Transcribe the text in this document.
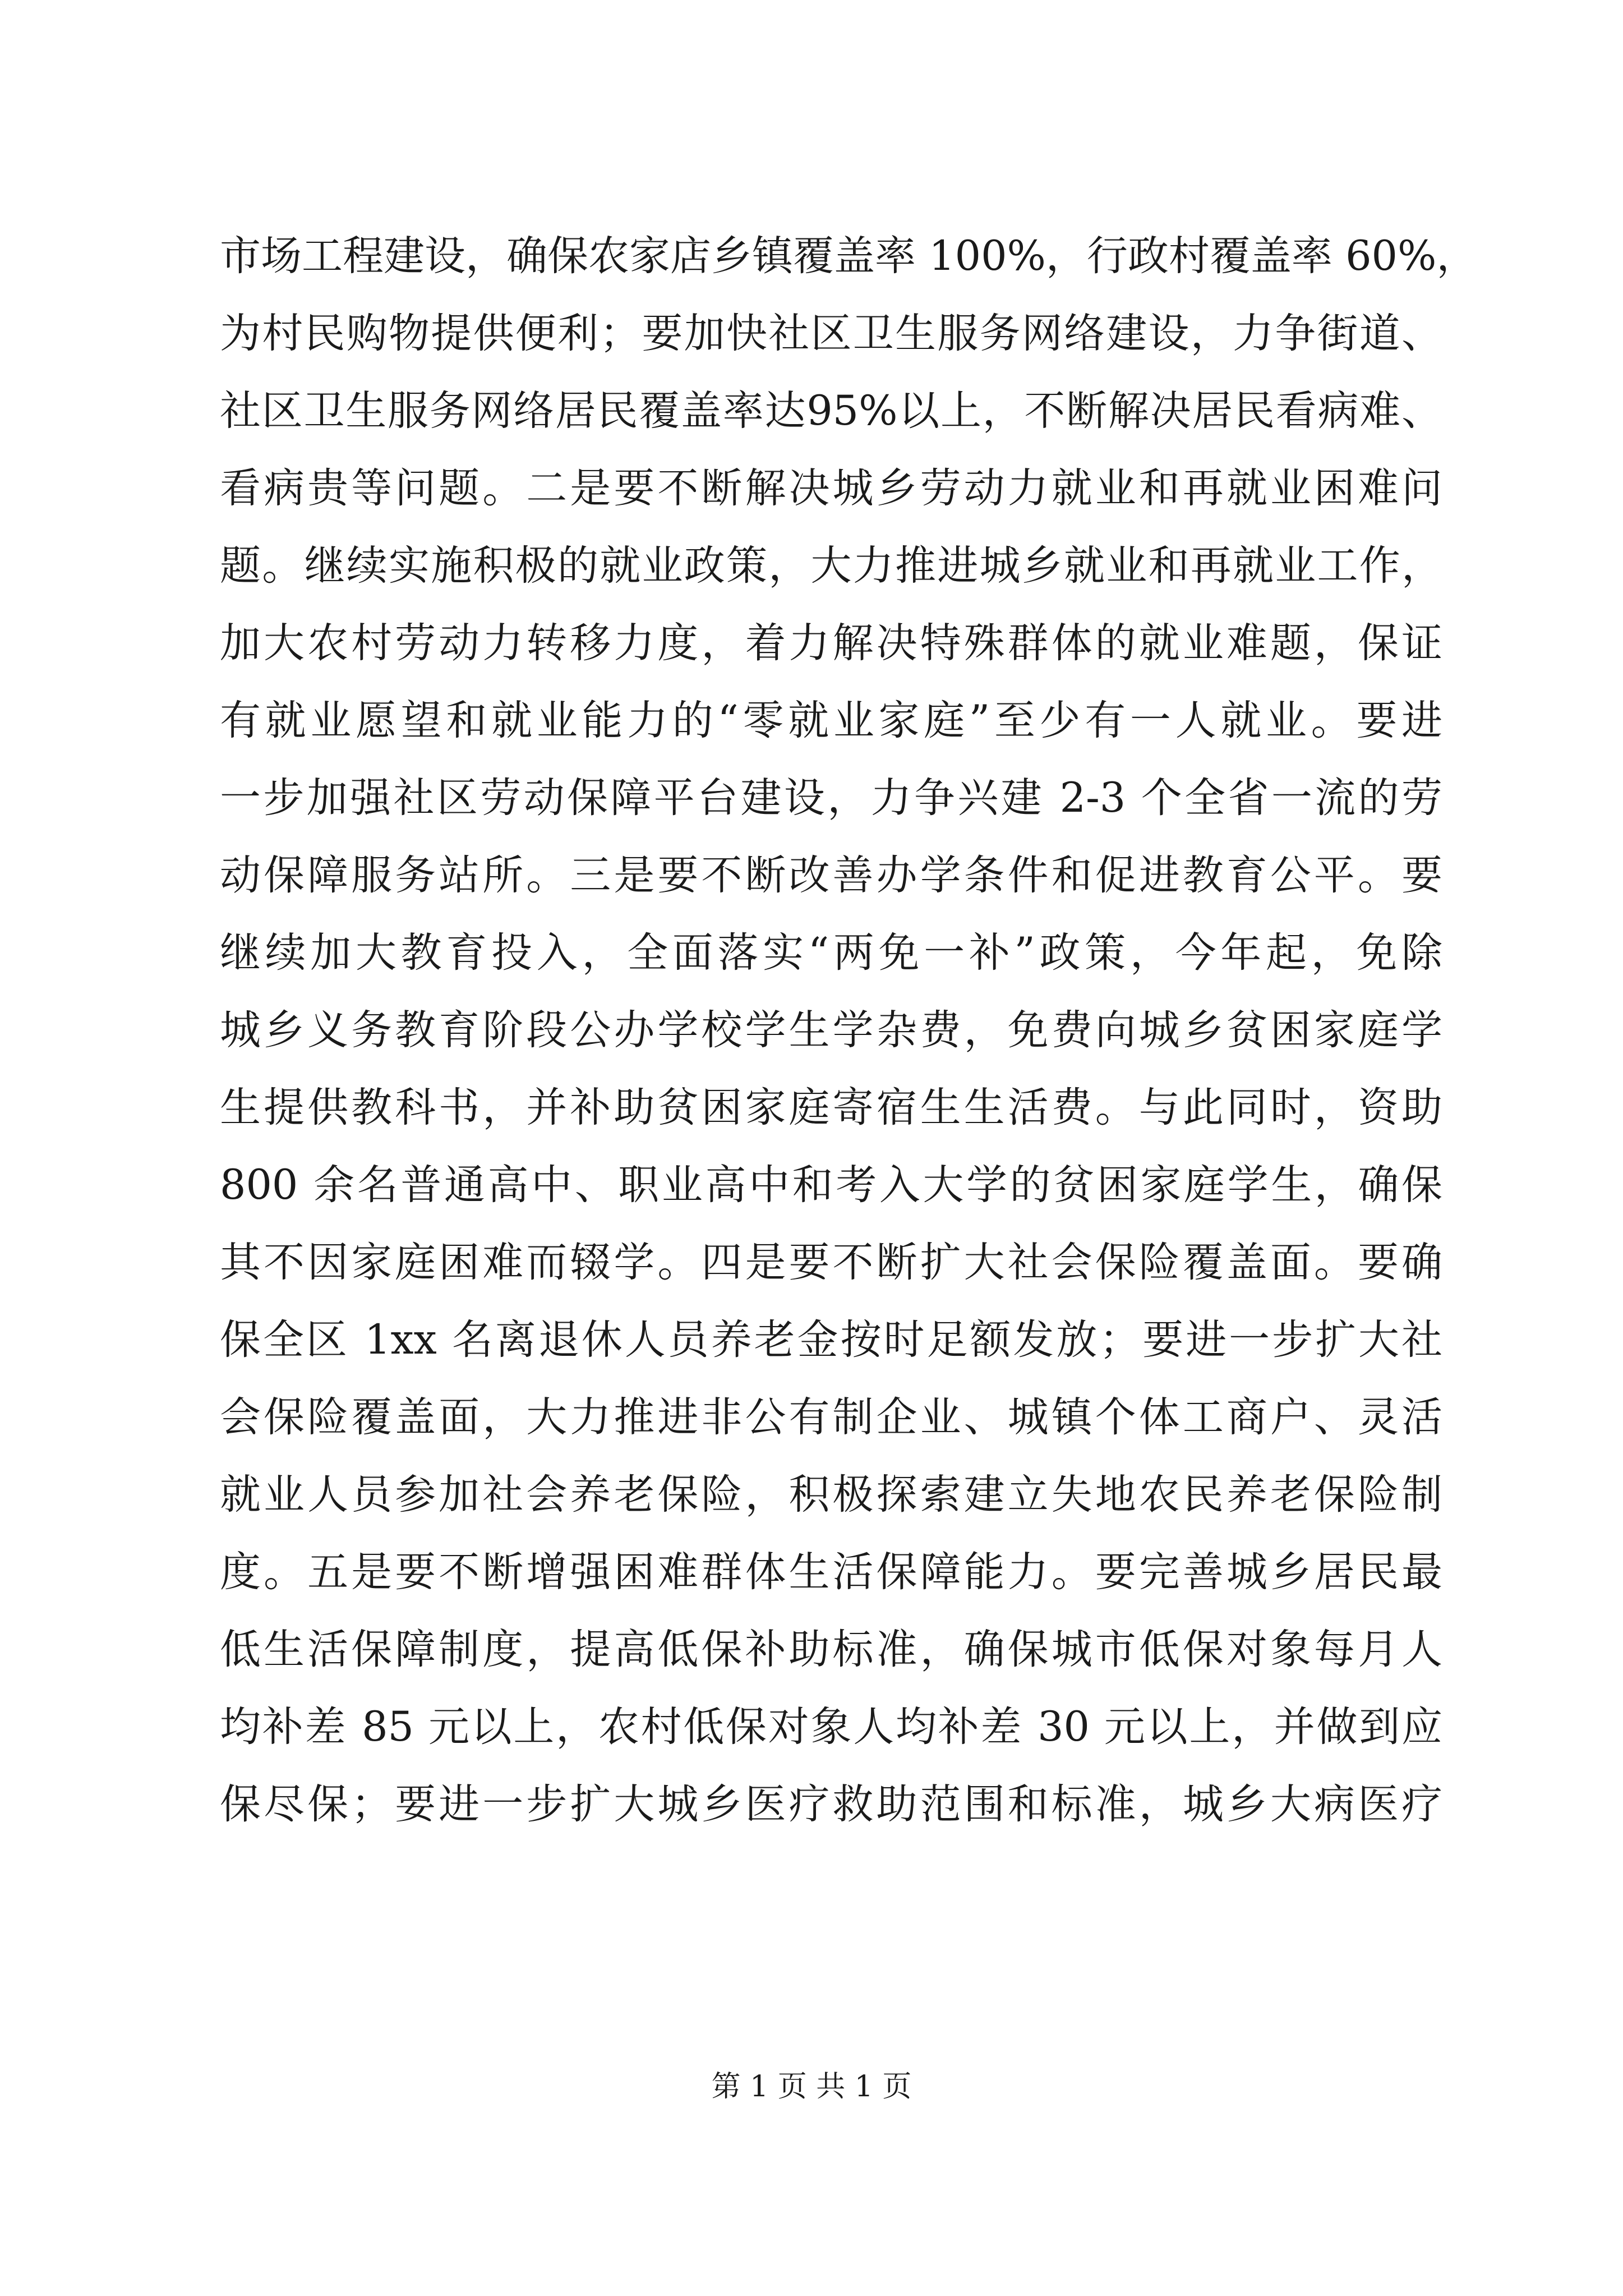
市场工程建设，确保农家店乡镇覆盖率 100%，行政村覆盖率 60%，
为村民购物提供便利；要加快社区卫生服务网络建设，力争街道、
社区卫生服务网络居民覆盖率达95%以上，不断解决居民看病难、
看病贵等问题。二是要不断解决城乡劳动力就业和再就业困难问
题。继续实施积极的就业政策，大力推进城乡就业和再就业工作，
加大农村劳动力转移力度，着力解决特殊群体的就业难题，保证
有就业愿望和就业能力的“零就业家庭”至少有一人就业。要进
一步加强社区劳动保障平台建设，力争兴建 2-3 个全省一流的劳
动保障服务站所。三是要不断改善办学条件和促进教育公平。要
继续加大教育投入，全面落实“两免一补”政策，今年起，免除
城乡义务教育阶段公办学校学生学杂费，免费向城乡贫困家庭学
生提供教科书，并补助贫困家庭寄宿生生活费。与此同时，资助
800 余名普通高中、职业高中和考入大学的贫困家庭学生，确保
其不因家庭困难而辍学。四是要不断扩大社会保险覆盖面。要确
保全区 1xx 名离退休人员养老金按时足额发放；要进一步扩大社
会保险覆盖面，大力推进非公有制企业、城镇个体工商户、灵活
就业人员参加社会养老保险，积极探索建立失地农民养老保险制
度。五是要不断增强困难群体生活保障能力。要完善城乡居民最
低生活保障制度，提高低保补助标准，确保城市低保对象每月人
均补差 85 元以上，农村低保对象人均补差 30 元以上，并做到应
保尽保；要进一步扩大城乡医疗救助范围和标准，城乡大病医疗
第 1 页 共 1 页
